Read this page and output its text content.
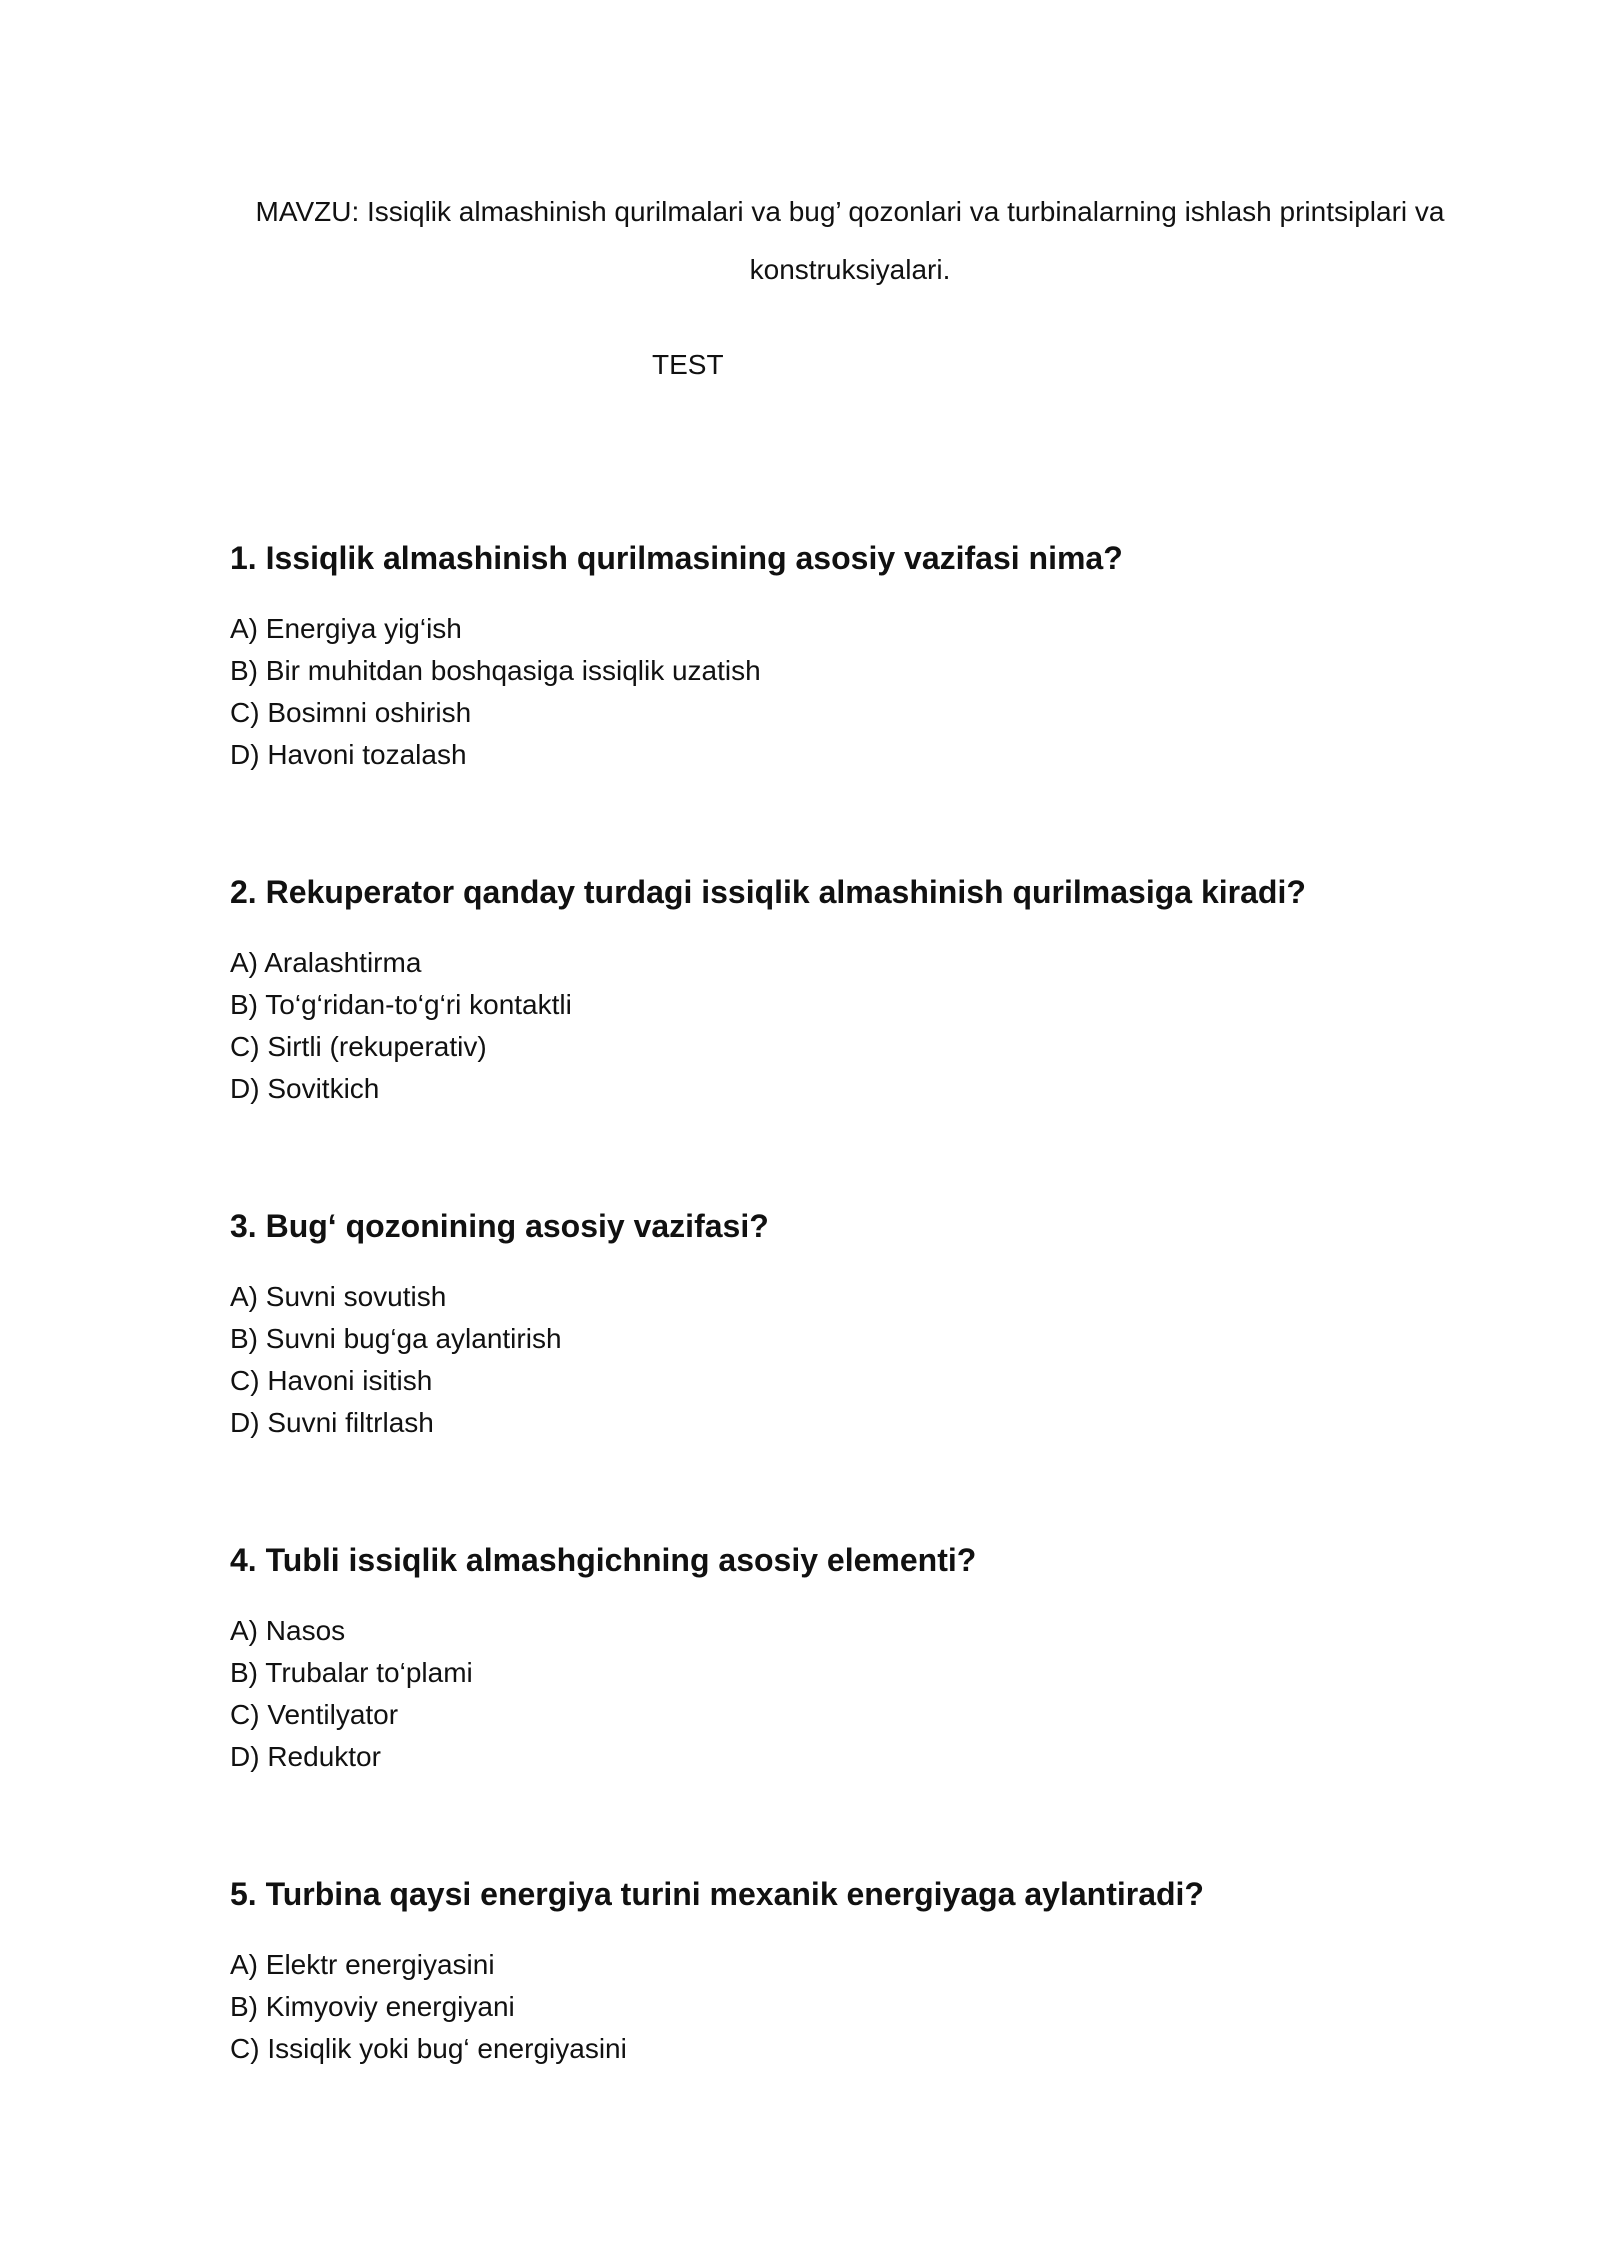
MAVZU: Issiqlik almashinish qurilmalari va bug’ qozonlari va turbinalarning ishlash printsiplari va konstruksiyalari.
TEST

1. Issiqlik almashinish qurilmasining asosiy vazifasi nima?

A) Energiya yig‘ish

B) Bir muhitdan boshqasiga issiqlik uzatish

C) Bosimni oshirish

D) Havoni tozalash

2. Rekuperator qanday turdagi issiqlik almashinish qurilmasiga kiradi?

A) Aralashtirma

B) To‘g‘ridan-to‘g‘ri kontaktli

C) Sirtli (rekuperativ)

D) Sovitkich

3. Bug‘ qozonining asosiy vazifasi?

A) Suvni sovutish

B) Suvni bug‘ga aylantirish

C) Havoni isitish

D) Suvni filtrlash

4. Tubli issiqlik almashgichning asosiy elementi?

A) Nasos

B) Trubalar to‘plami

C) Ventilyator

D) Reduktor

5. Turbina qaysi energiya turini mexanik energiyaga aylantiradi?

A) Elektr energiyasini

B) Kimyoviy energiyani

C) Issiqlik yoki bug‘ energiyasini
